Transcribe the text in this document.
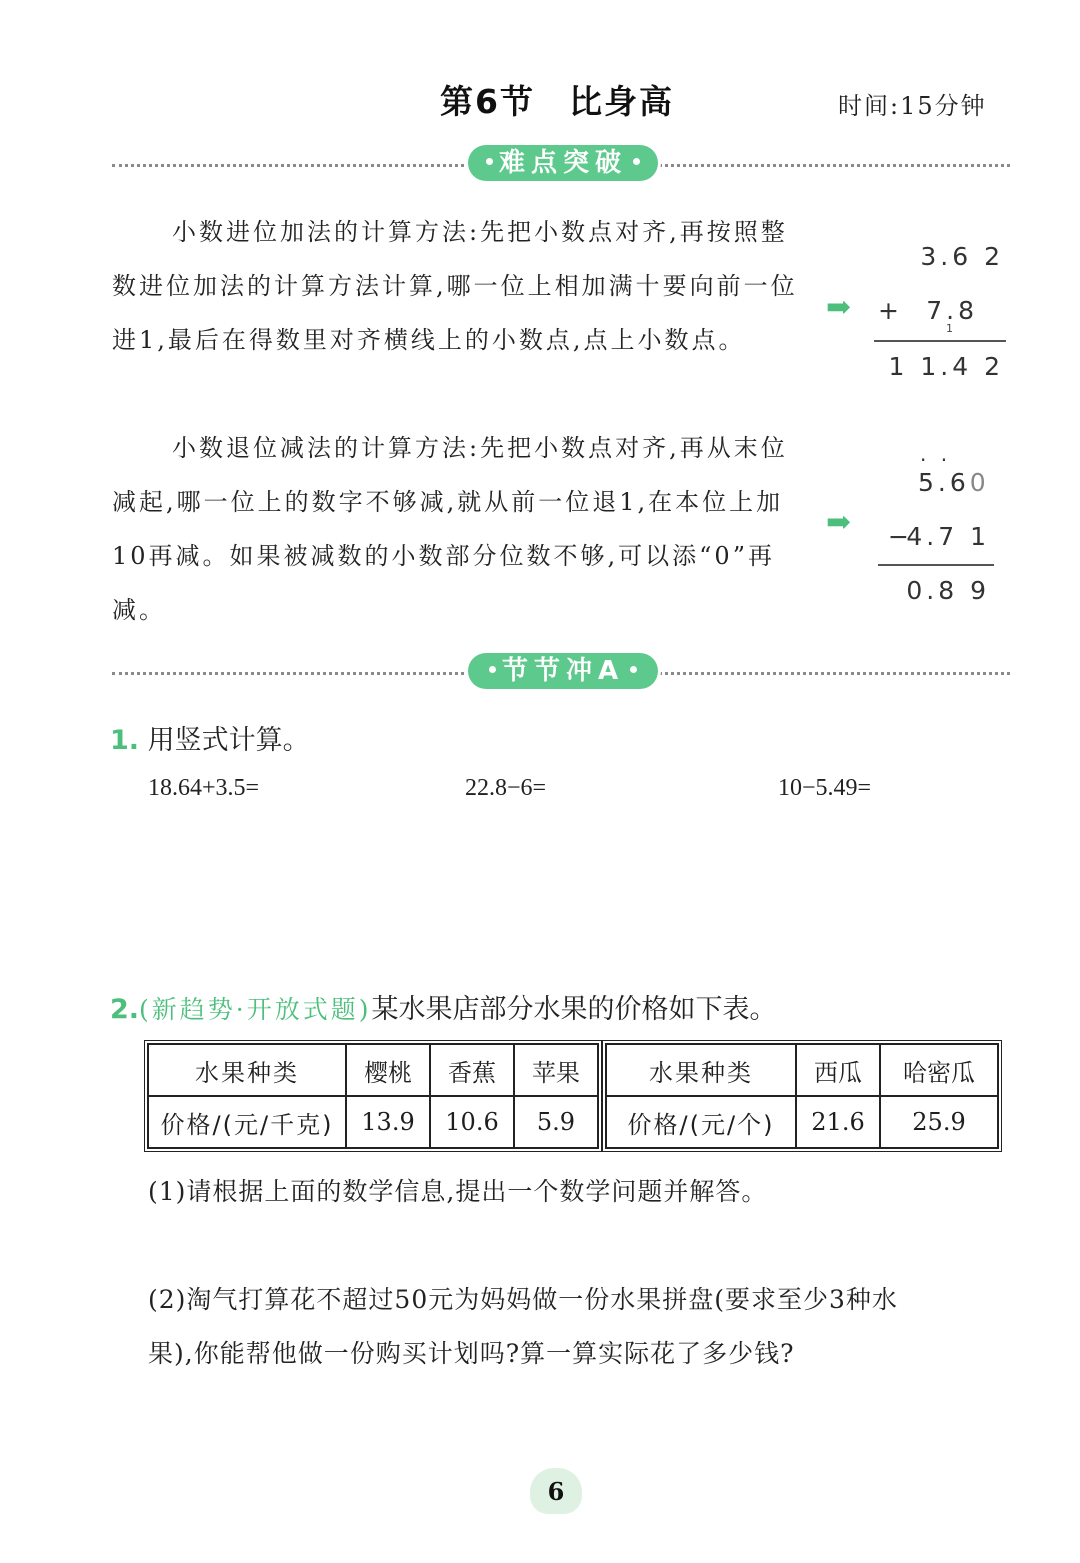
第6节 比身高	时间:15分钟
难点突破

小数进位加法的计算方法:先把小数点对齐,再按照整数进位加法的计算方法计算,哪一位上相加满十要向前一位进1,最后在得数里对齐横线上的小数点,点上小数点。

小数退位减法的计算方法:先把小数点对齐,再从末位减起,哪一位上的数字不够减,就从前一位退1,在本位上加10再减。如果被减数的小数部分位数不够,可以添“0”再减。

➡
3.6 2
+ 7.8
1
1 1.4 2
➡
. .
5.60
−
4.7 1
0.8 9
节节冲A
1. 用竖式计算。
18.64+3.5=	22.8−6=	10−5.49=
2.(新趋势·开放式题)某水果店部分水果的价格如下表。
水果种类	樱桃	香蕉	苹果
价格/(元/千克)	13.9	10.6	5.9
水果种类	西瓜	哈密瓜
价格/(元/个)	21.6	25.9
(1)请根据上面的数学信息,提出一个数学问题并解答。
(2)淘气打算花不超过50元为妈妈做一份水果拼盘(要求至少3种水
果),你能帮他做一份购买计划吗?算一算实际花了多少钱?
6
